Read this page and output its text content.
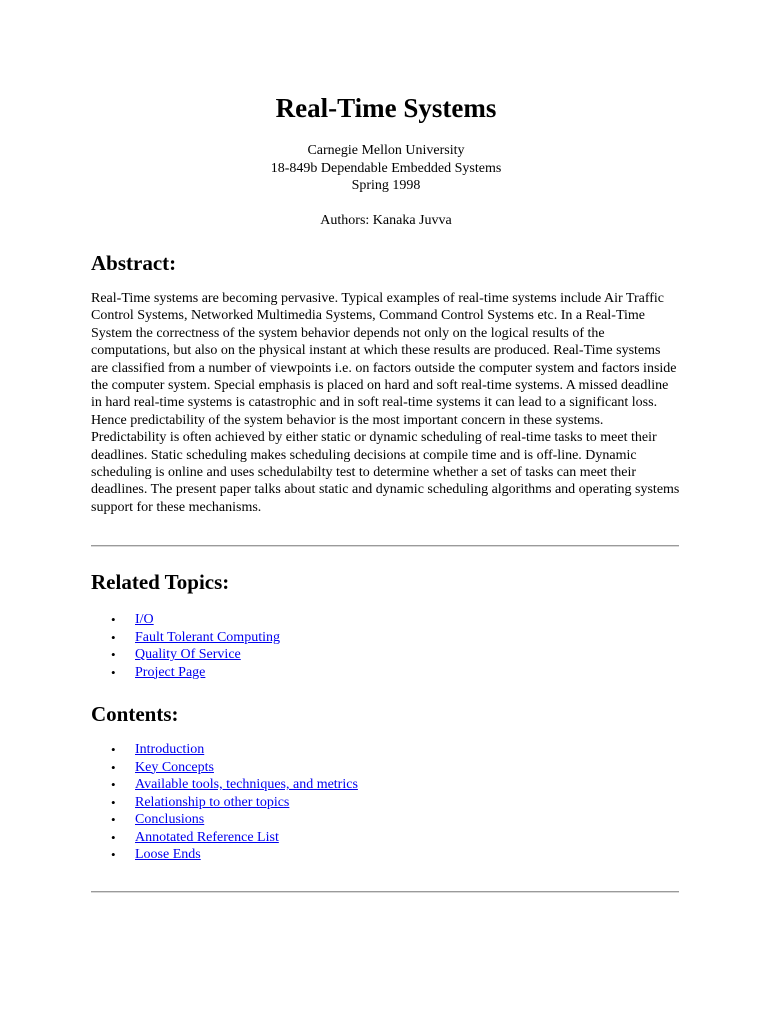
Real-Time Systems
Carnegie Mellon University
18-849b Dependable Embedded Systems
Spring 1998
Authors: Kanaka Juvva
Abstract:

Real-Time systems are becoming pervasive. Typical examples of real-time systems include Air Traffic Control Systems, Networked Multimedia Systems, Command Control Systems etc. In a Real-Time System the correctness of the system behavior depends not only on the logical results of the computations, but also on the physical instant at which these results are produced. Real-Time systems are classified from a number of viewpoints i.e. on factors outside the computer system and factors inside the computer system. Special emphasis is placed on hard and soft real-time systems. A missed deadline in hard real-time systems is catastrophic and in soft real-time systems it can lead to a significant loss. Hence predictability of the system behavior is the most important concern in these systems. Predictability is often achieved by either static or dynamic scheduling of real-time tasks to meet their deadlines. Static scheduling makes scheduling decisions at compile time and is off-line. Dynamic scheduling is online and uses schedulabilty test to determine whether a set of tasks can meet their deadlines. The present paper talks about static and dynamic scheduling algorithms and operating systems support for these mechanisms.

Related Topics:
• I/O
• Fault Tolerant Computing
• Quality Of Service
• Project Page
Contents:
• Introduction
• Key Concepts
• Available tools, techniques, and metrics
• Relationship to other topics
• Conclusions
• Annotated Reference List
• Loose Ends
